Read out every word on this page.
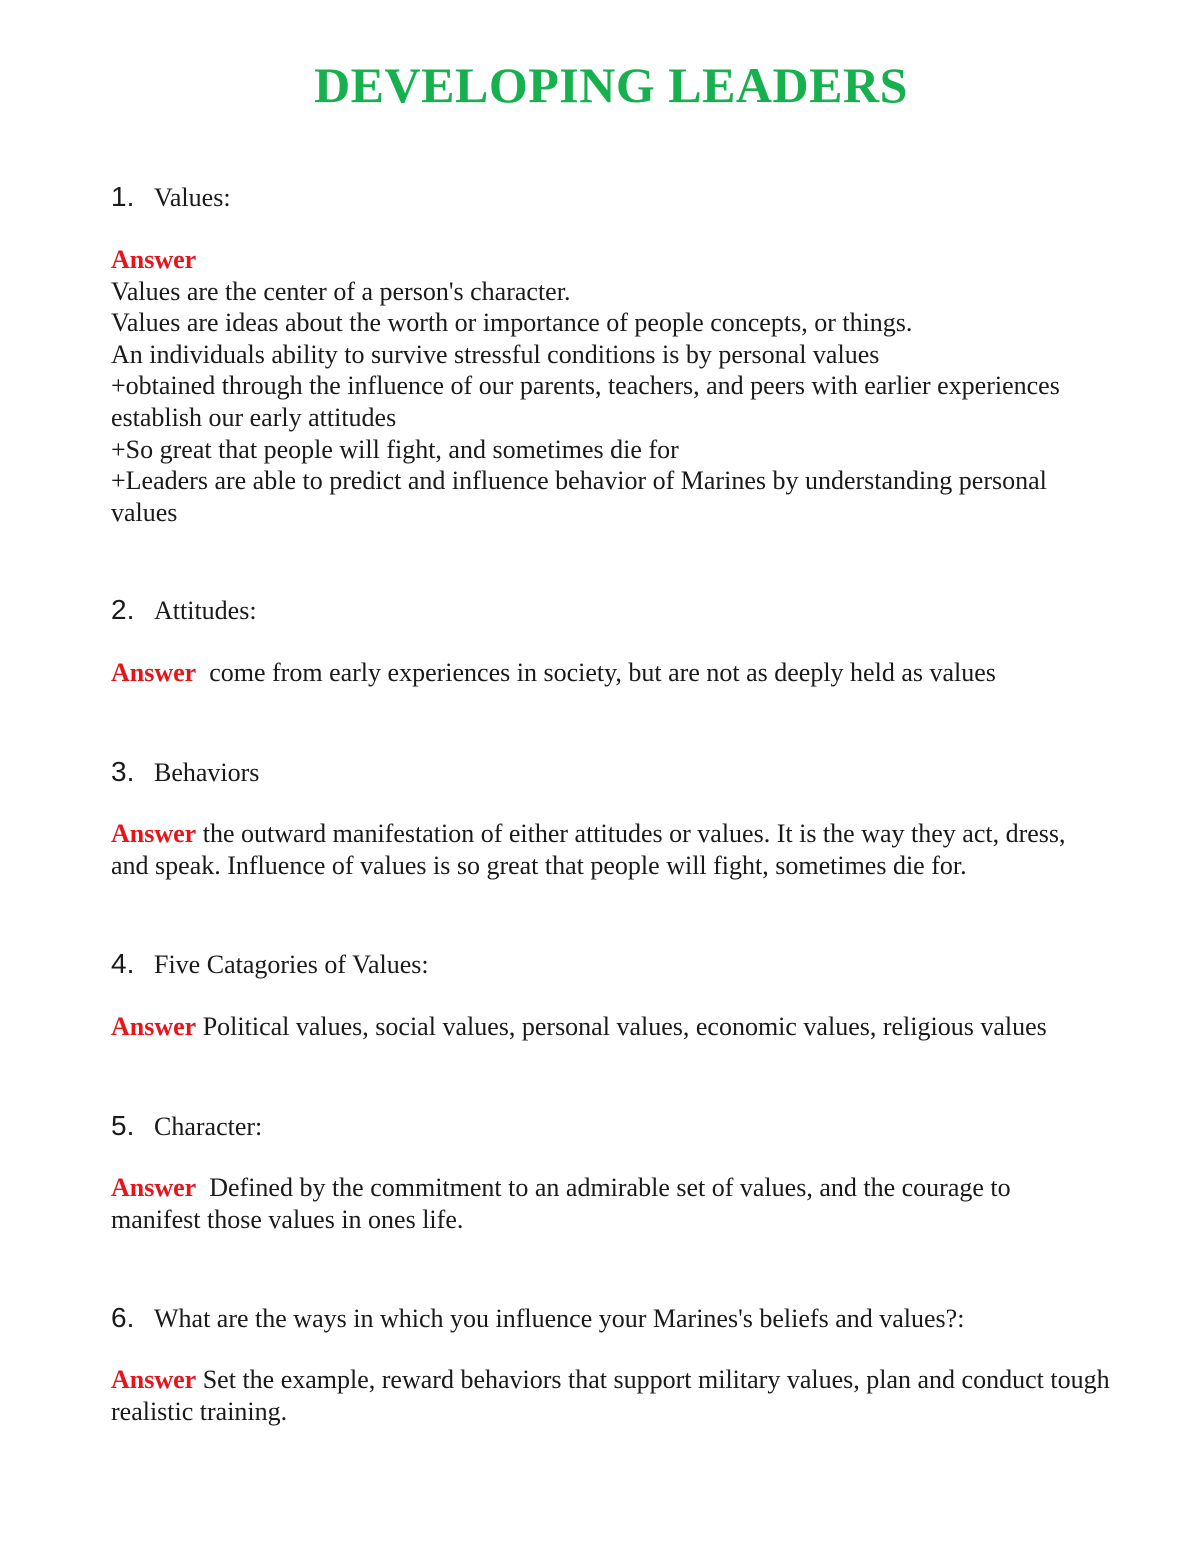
DEVELOPING LEADERS
1. Values:

Answer

Values are the center of a person's character.

Values are ideas about the worth or importance of people concepts, or things.

An individuals ability to survive stressful conditions is by personal values

+obtained through the influence of our parents, teachers, and peers with earlier experiences establish our early attitudes

+So great that people will fight, and sometimes die for

+Leaders are able to predict and influence behavior of Marines by understanding personal values

2. Attitudes:

Answer come from early experiences in society, but are not as deeply held as values

3. Behaviors

Answer the outward manifestation of either attitudes or values. It is the way they act, dress, and speak. Influence of values is so great that people will fight, sometimes die for.

4. Five Catagories of Values:

Answer Political values, social values, personal values, economic values, religious values

5. Character:

Answer Defined by the commitment to an admirable set of values, and the courage to manifest those values in ones life.

6. What are the ways in which you influence your Marines's beliefs and values?:

Answer Set the example, reward behaviors that support military values, plan and conduct tough realistic training.
